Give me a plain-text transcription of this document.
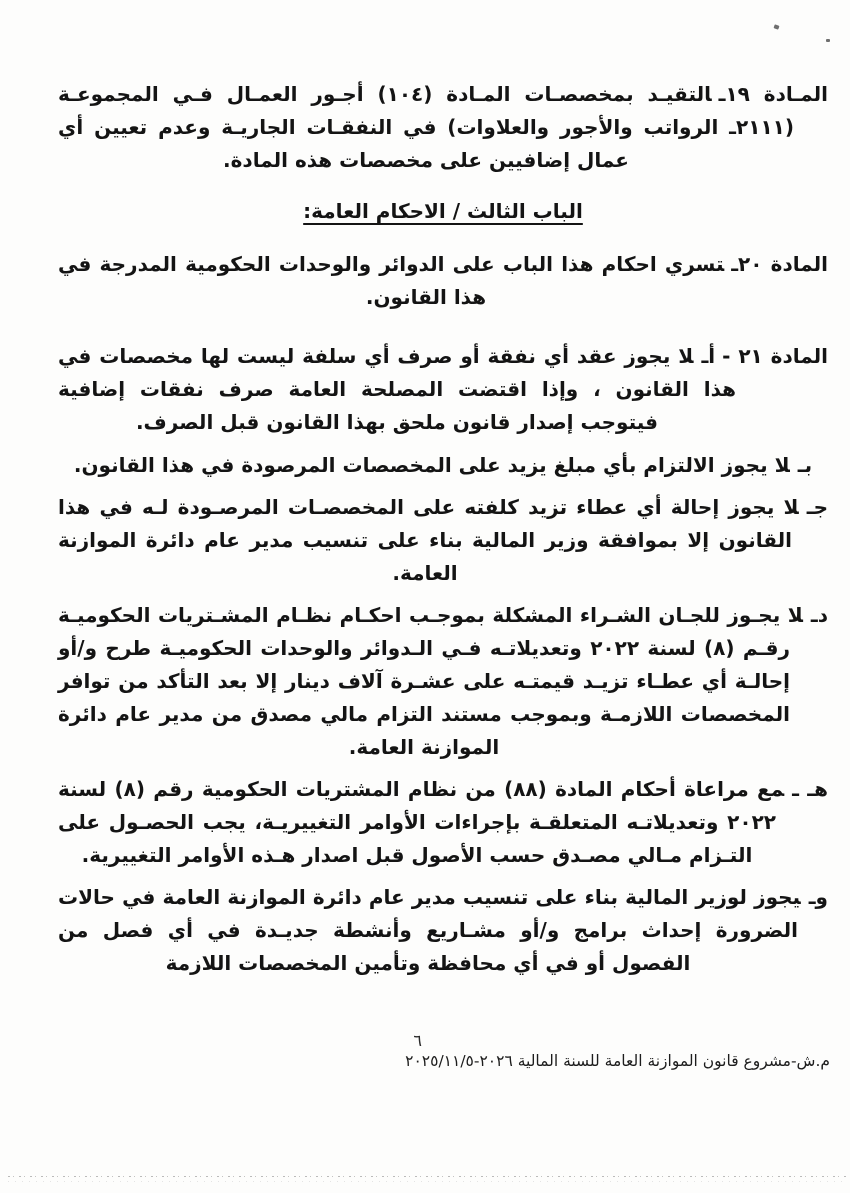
المـادة ١٩ـالتقيـد بمخصصـات المـادة (١٠٤) أجـور العمـال فـي المجموعـة (٢١١١ـ الرواتب والأجور والعلاوات) في النفقـات الجاريـة وعدم تعيين أي عمال إضافيين على مخصصات هذه المادة.

الباب الثالث / الاحكام العامة:

المادة ٢٠ـتسري احكام هذا الباب على الدوائر والوحدات الحكومية المدرجة في هذا القانون.

المادة ٢١ -أـلا يجوز عقد أي نفقة أو صرف أي سلفة ليست لها مخصصات في هذا القانون ، وإذا اقتضت المصلحة العامة صرف نفقات إضافية فيتوجب إصدار قانون ملحق بهذا القانون قبل الصرف.

بـلا يجوز الالتزام بأي مبلغ يزيد على المخصصات المرصودة في هذا القانون.

جـلا يجوز إحالة أي عطاء تزيد كلفته على المخصصـات المرصـودة لـه في هذا القانون إلا بموافقة وزير المالية بناء على تنسيب مدير عام دائرة الموازنة العامة.

دـلا يجـوز للجـان الشـراء المشكلة بموجـب احكـام نظـام المشـتريات الحكوميـة رقـم (٨) لسنة ٢٠٢٢ وتعديلاتـه فـي الـدوائر والوحدات الحكوميـة طرح و/أو إحالـة أي عطـاء تزيـد قيمتـه على عشـرة آلاف دينار إلا بعد التأكد من توافر المخصصات اللازمـة وبموجب مستند التزام مالي مصدق من مدير عام دائرة الموازنة العامة.

هـ ـمع مراعاة أحكام المادة (٨٨) من نظام المشتريات الحكومية رقم (٨) لسنة ٢٠٢٢ وتعديلاتـه المتعلقـة بإجراءات الأوامر التغييريـة، يجب الحصـول على التـزام مـالي مصـدق حسب الأصول قبل اصدار هـذه الأوامر التغييرية.

وـيجوز لوزير المالية بناء على تنسيب مدير عام دائرة الموازنة العامة في حالات الضرورة إحداث برامج و/أو مشـاريع وأنشطة جديـدة في أي فصل من الفصول أو في أي محافظة وتأمين المخصصات اللازمة

٦
م.ش-مشروع قانون الموازنة العامة للسنة المالية ٢٠٢٦-٢٠٢٥/١١/٥
